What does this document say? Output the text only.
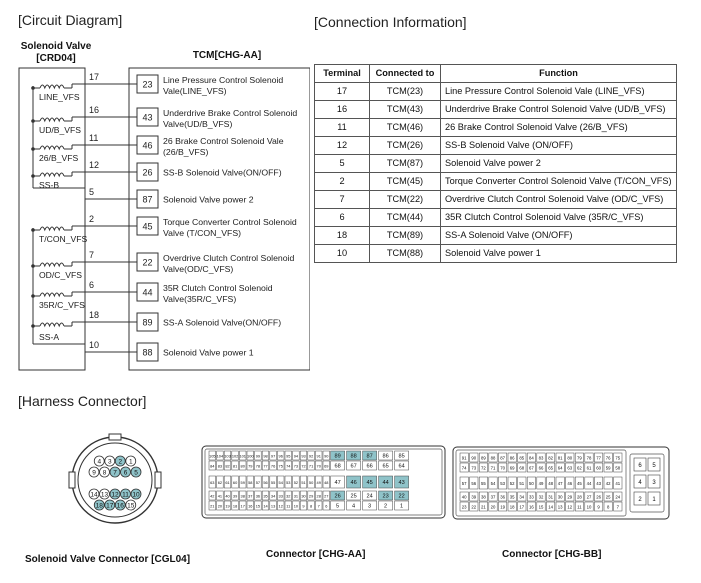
[Circuit Diagram]	[Connection Information]
[Harness Connector]
Solenoid Valve
[CRD04]	TCM[CHG-AA]
17
23 Line Pressure Control Solenoid
Vale(LINE_VFS)
16
43 Underdrive Brake Control Solenoid
Valve(UD/B_VFS)
11
46 26 Brake Control Solenoid Vale
(26/B_VFS)
12
26 SS-B Solenoid Valve(ON/OFF)
5
87 Solenoid Valve power 2
2
45 Torque Converter Control Solenoid
Valve (T/CON_VFS)
7
22 Overdrive Clutch Control Solenoid
Valve(OD/C_VFS)
6
44 35R Clutch Control Solenoid
Valve(35R/C_VFS)
18
89 SS-A Solenoid Valve(ON/OFF)
10
88 Solenoid Valve power 1
LINE_VFS
UD/B_VFS
26/B_VFS
SS-B
T/CON_VFS
OD/C_VFS
35R/C_VFS
SS-A
Terminal	Connected to	Function
17	TCM(23)	Line Pressure Control Solenoid Vale (LINE_VFS)
16	TCM(43)	Underdrive Brake Control Solenoid Valve (UD/B_VFS)
11	TCM(46)	26 Brake Control Solenoid Valve (26/B_VFS)
12	TCM(26)	SS-B Solenoid Valve (ON/OFF)
5	TCM(87)	Solenoid Valve power 2
2	TCM(45)	Torque Converter Control Solenoid Valve (T/CON_VFS)
7	TCM(22)	Overdrive Clutch Control Solenoid Valve (OD/C_VFS)
6	TCM(44)	35R Clutch Control Solenoid Valve (35R/C_VFS)
18	TCM(89)	SS-A Solenoid Valve (ON/OFF)
10	TCM(88)	Solenoid Valve power 1
4 3 2 1
9 8 7 6 5
14 13 12 11 10
18 17 16 15
Solenoid Valve Connector [CGL04]
105 104 103 102 101 100 99 98 97 96 95 94 93 92 91 90 89 88 87 86 85
84 83 82 81 80 79 78 77 76 75 74 73 72 71 70 69 68 67 66 65 64
63 62 61 60 59 58 57 56 55 54 53 52 51 50 49 48 47 46 45 44 43
42 41 40 39 38 37 36 35 34 33 32 31 30 29 28 27 26 25 24 23 22
21 20 19 18 17 16 15 14 13 12 11 10 9 8 7 6 5 4 3 2 1
Connector [CHG-AA]
91 90 89 88 87 86 85 84 83 82 81 80 79 78 77 76 75
74 73 72 71 70 69 68 67 66 65 64 63 62 61 60 59 58
57 56 55 54 53 52 51 50 49 48 47 46 45 44 43 42 41
40 39 38 37 36 35 34 33 32 31 30 29 28 27 26 25 24
23 22 21 20 19 18 17 16 15 14 13 12 11 10 9 8 7
6 5
4 3
2 1
Connector [CHG-BB]
